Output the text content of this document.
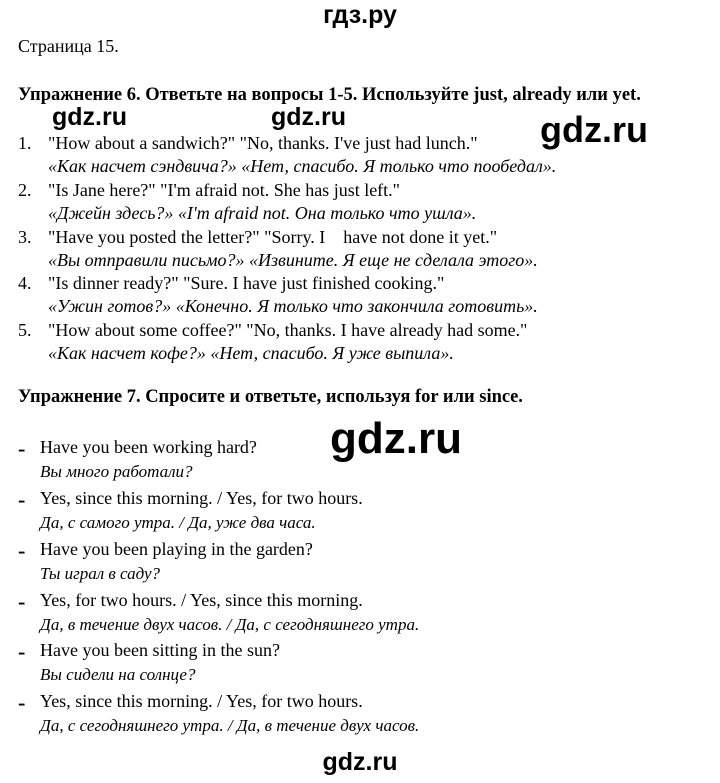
гдз.ру
Страница 15.
Упражнение 6. Ответьте на вопросы 1-5. Используйте just, already или yet.
gdz.ru	gdz.ru	gdz.ru
1. "How about a sandwich?" "No, thanks. I've just had lunch."
«Как насчет сэндвича?» «Нет, спасибо. Я только что пообедал».
2. "Is Jane here?" "I'm afraid not. She has just left."
«Джейн здесь?» «I'm afraid not. Она только что ушла».
3. "Have you posted the letter?" "Sorry. I    have not done it yet."
«Вы отправили письмо?» «Извините. Я еще не сделала этого».
4. "Is dinner ready?" "Sure. I have just finished cooking."
«Ужин готов?» «Конечно. Я только что закончила готовить».
5. "How about some coffee?" "No, thanks. I have already had some."
«Как насчет кофе?» «Нет, спасибо. Я уже выпила».
Упражнение 7. Спросите и ответьте, используя for или since.
gdz.ru
- Have you been working hard?
Вы много работали?
- Yes, since this morning. / Yes, for two hours.
Да, с самого утра. / Да, уже два часа.
- Have you been playing in the garden?
Ты играл в саду?
- Yes, for two hours. / Yes, since this morning.
Да, в течение двух часов. / Да, с сегодняшнего утра.
- Have you been sitting in the sun?
Вы сидели на солнце?
- Yes, since this morning. / Yes, for two hours.
Да, с сегодняшнего утра. / Да, в течение двух часов.
gdz.ru
